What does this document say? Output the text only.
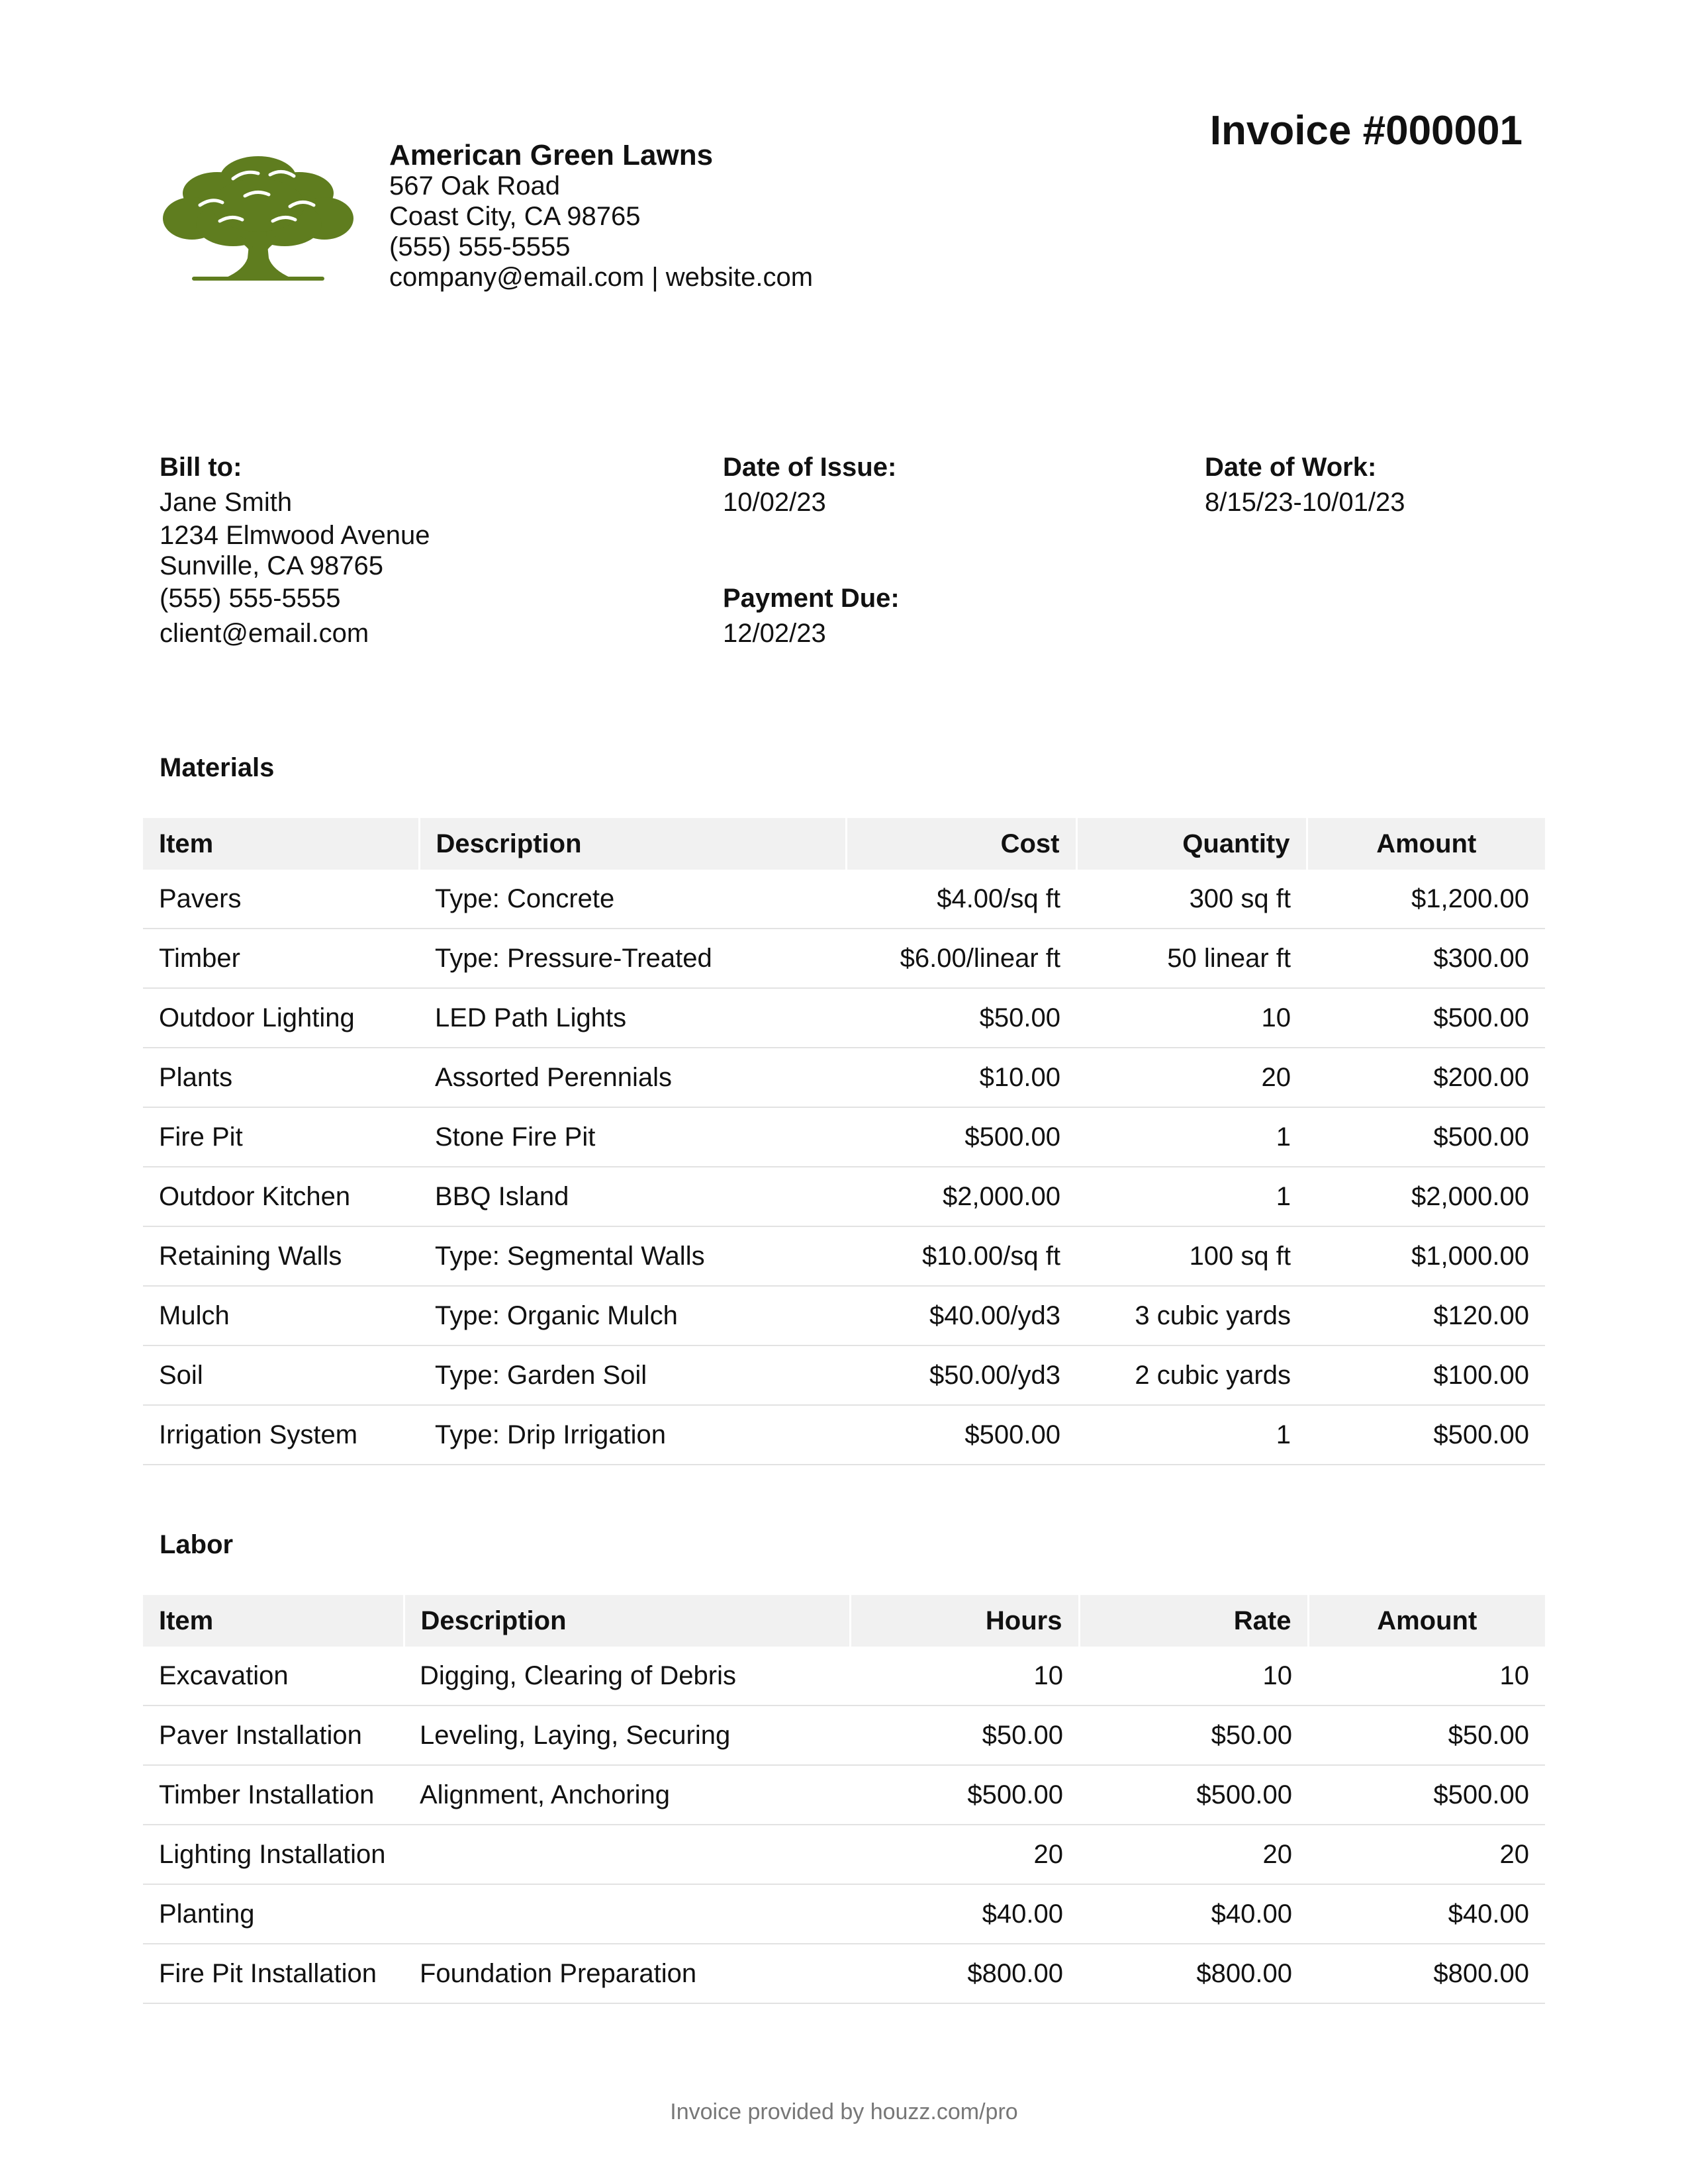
American Green Lawns
567 Oak Road
Coast City, CA 98765
(555) 555-5555
company@email.com | website.com
Invoice #000001
Bill to:
Jane Smith
1234 Elmwood Avenue
Sunville, CA 98765
(555) 555-5555
client@email.com
Date of Issue:
10/02/23
Payment Due:
12/02/23
Date of Work:
8/15/23-10/01/23
Materials
Item	Description	Cost	Quantity	Amount
Pavers	Type: Concrete	$4.00/sq ft	300 sq ft	$1,200.00
Timber	Type: Pressure-Treated	$6.00/linear ft	50 linear ft	$300.00
Outdoor Lighting	LED Path Lights	$50.00	10	$500.00
Plants	Assorted Perennials	$10.00	20	$200.00
Fire Pit	Stone Fire Pit	$500.00	1	$500.00
Outdoor Kitchen	BBQ Island	$2,000.00	1	$2,000.00
Retaining Walls	Type: Segmental Walls	$10.00/sq ft	100 sq ft	$1,000.00
Mulch	Type: Organic Mulch	$40.00/yd3	3 cubic yards	$120.00
Soil	Type: Garden Soil	$50.00/yd3	2 cubic yards	$100.00
Irrigation System	Type: Drip Irrigation	$500.00	1	$500.00
Labor
Item	Description	Hours	Rate	Amount
Excavation	Digging, Clearing of Debris	10	10	10
Paver Installation	Leveling, Laying, Securing	$50.00	$50.00	$50.00
Timber Installation	Alignment, Anchoring	$500.00	$500.00	$500.00
Lighting Installation		20	20	20
Planting		$40.00	$40.00	$40.00
Fire Pit Installation	Foundation Preparation	$800.00	$800.00	$800.00
Invoice provided by houzz.com/pro
